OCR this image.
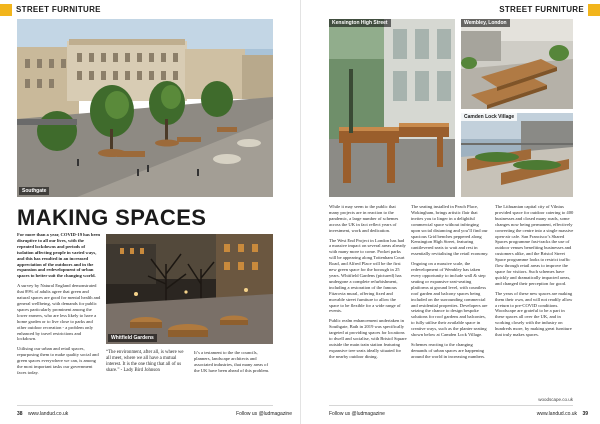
STREET FURNITURE
Southgate
MAKING SPACES

For more than a year, COVID-19 has been disruptive to all our lives, with the repeated lockdowns and periods of isolation affecting people in varied ways, and this has resulted in an increased appreciation of the outdoors and in the expansion and redevelopment of urban spaces to better suit the changing world.

A survey by Natural England demonstrated that 89% of adults agree that green and natural spaces are good for mental health and general wellbeing, with demands for public spaces particularly prominent among the lower earners, who are less likely to have a home garden or to live close to parks and other outdoor recreation - a problem only enhanced by travel restrictions and lockdown.

Utilising our urban and retail spaces, repurposing them to make quality social and green spaces everywhere we can, is among the most important tasks our government faces today.

Whitfield Gardens
“The environment, after all, is where we all meet, where we all have a mutual interest. It is the one thing that all of us share.” - Lady Bird Johnson

It’s a testament to the the councils, planners, landscape architects and associated industries, that many areas of the UK have been ahead of this problem.

38 www.landud.co.uk	Follow us @ludmagazine
STREET FURNITURE
Kensington High Street	Wembley, London
Camden Lock Village

While it may seem to the public that many projects are in reaction to the pandemic, a large number of schemes across the UK in fact reflect years of investment, work and dedication.

The West End Project in London has had a massive impact on several areas already with many more to come. Pocket parks will be appearing along Tottenham Court Road, and Alfred Place will be the first new green space for the borough in 25 years. Whitfield Gardens (pictured) has undergone a complete refurbishment, including a restoration of the famous Fitzrovia mural, offering fixed and movable street furniture to allow the space to be flexible for a wide range of events.

Public realm enhancement undertaken in Southgate, Bath in 2019 was specifically targeted at providing spaces for locations to dwell and socialise, with Bristol Square outside the main train station featuring expansive tree seats ideally situated for the nearby outdoor dining.

The seating installed in Peach Place, Wokingham, brings artistic flair that invites you to linger in a delightful commercial space without infringing upon social distancing and you’ll find our spacious Grid benches peppered along Kensington High Street, featuring cantilevered seats to wait and rest in essentially revitalising the retail economy.

Ongoing on a massive scale, the redevelopment of Wembley has taken every opportunity to include wall & step seating or expansive seat-seating platforms at ground level, with countless roof garden and balcony spaces being included on the surrounding commercial and residential properties. Developers are seizing the chance to design bespoke solutions for roof gardens and balconies, to fully utilise their available space in creative ways, such as the planter seating shown below at Camden Lock Village.

Schemes reacting to the changing demands of urban spaces are happening around the world in increasing numbers.

The Lithuanian capital city of Vilnius provided space for outdoor catering to 400 businesses and closed many roads, some changes now being permanent, effectively converting the centre into a single massive open-air cafe. San Francisco’s Shared Spaces programme fast-tracks the use of outdoor venues benefiting businesses and customers alike, and the Bristol Street Space programme looks to restrict traffic flow through retail areas to improve the space for visitors. Such schemes have quickly and dramatically impacted areas, and changed their perception for good.

The years of these new spaces are making them their own, and will not readily allow a return to pre-COVID conditions. Woodscape are grateful to be a part in these spaces all over the UK, and in working closely with the industry on hundreds more, by making great furniture that truly makes spaces.

woodscape.co.uk
Follow us @ludmagazine	www.landud.co.uk 39
